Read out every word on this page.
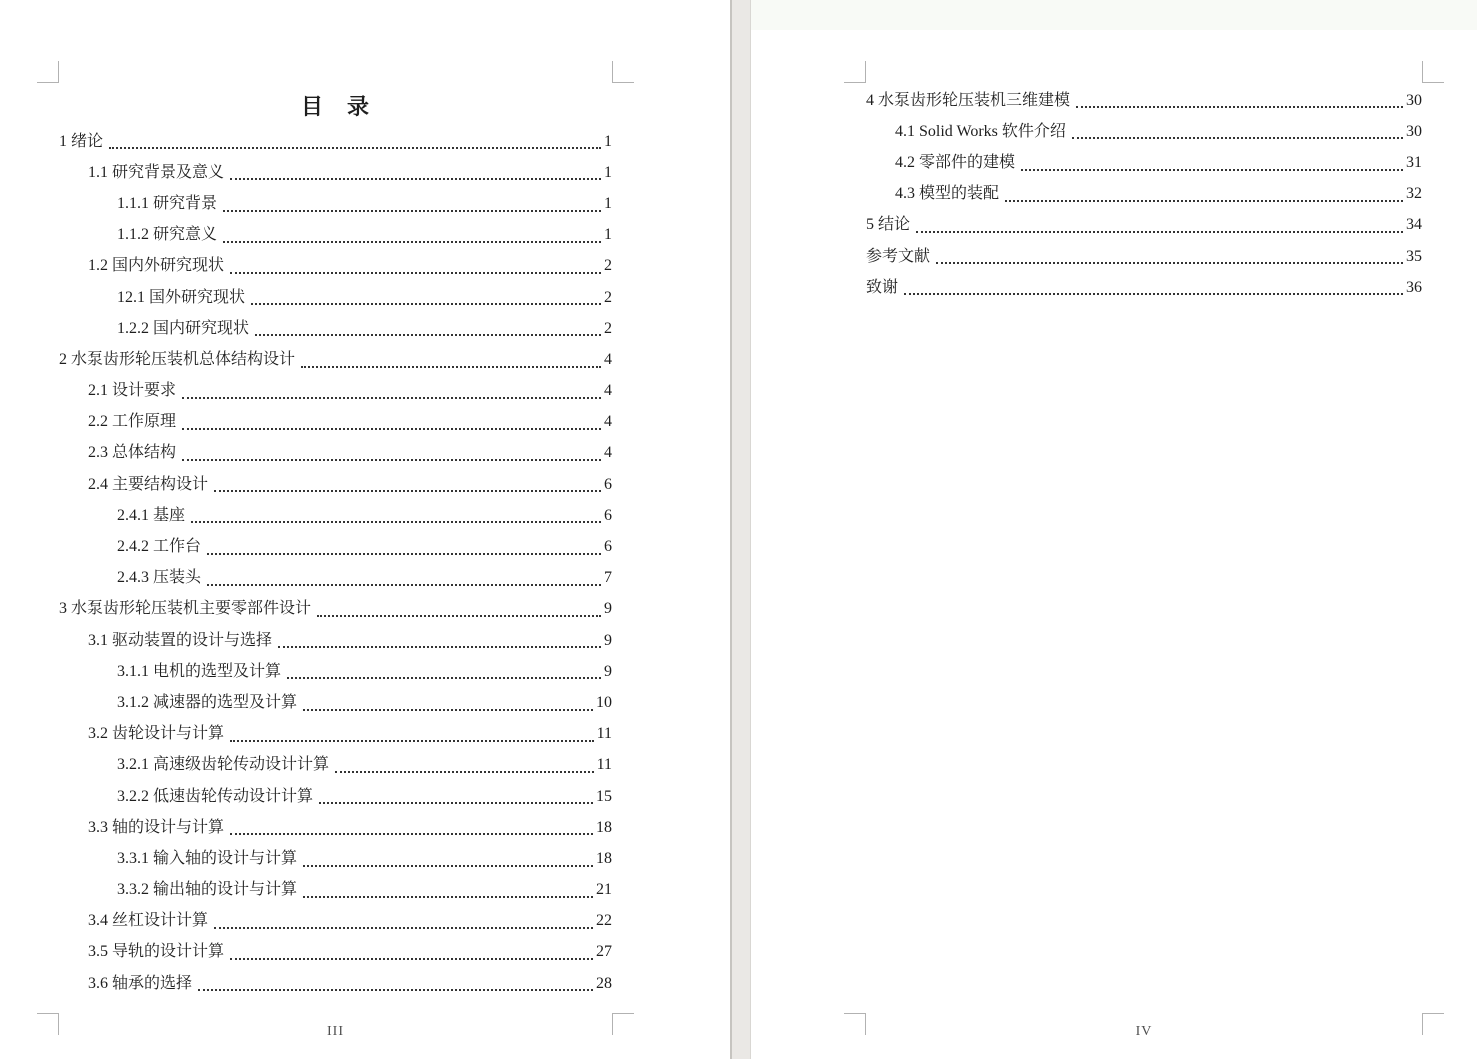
目　录
1 绪论	1
1.1 研究背景及意义	1
1.1.1 研究背景	1
1.1.2 研究意义	1
1.2 国内外研究现状	2
12.1 国外研究现状	2
1.2.2 国内研究现状	2
2 水泵齿形轮压装机总体结构设计	4
2.1 设计要求	4
2.2 工作原理	4
2.3 总体结构	4
2.4 主要结构设计	6
2.4.1 基座	6
2.4.2 工作台	6
2.4.3 压装头	7
3 水泵齿形轮压装机主要零部件设计	9
3.1 驱动装置的设计与选择	9
3.1.1 电机的选型及计算	9
3.1.2 减速器的选型及计算	10
3.2 齿轮设计与计算	11
3.2.1 高速级齿轮传动设计计算	11
3.2.2 低速齿轮传动设计计算	15
3.3 轴的设计与计算	18
3.3.1 输入轴的设计与计算	18
3.3.2 输出轴的设计与计算	21
3.4 丝杠设计计算	22
3.5 导轨的设计计算	27
3.6 轴承的选择	28
III
4 水泵齿形轮压装机三维建模	30
4.1 Solid Works 软件介绍	30
4.2 零部件的建模	31
4.3 模型的装配	32
5 结论	34
参考文献	35
致谢	36
IV
